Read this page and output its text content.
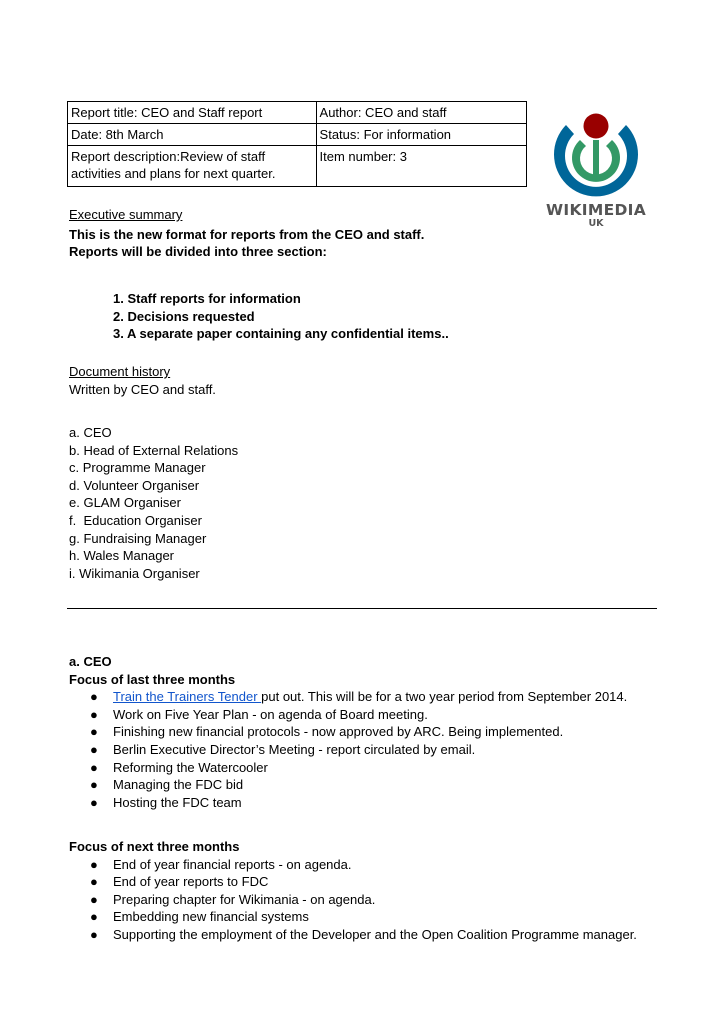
Report title: CEO and Staff report	Author: CEO and staff
Date: 8th March	Status: For information
Report description:Review of staff
activities and plans for next quarter.	Item number: 3
WIKIMEDIA
UK
Executive summary
This is the new format for reports from the CEO and staff.
Reports will be divided into three section:
1. Staff reports for information
2. Decisions requested
3. A separate paper containing any confidential items..
Document history
Written by CEO and staff.
a. CEO
b. Head of External Relations
c. Programme Manager
d. Volunteer Organiser
e. GLAM Organiser
f.  Education Organiser
g. Fundraising Manager
h. Wales Manager
i. Wikimania Organiser
a. CEO
Focus of last three months
● Train the Trainers Tender put out. This will be for a two year period from September 2014.
● Work on Five Year Plan - on agenda of Board meeting.
● Finishing new financial protocols - now approved by ARC. Being implemented.
● Berlin Executive Director’s Meeting - report circulated by email.
● Reforming the Watercooler
● Managing the FDC bid
● Hosting the FDC team
Focus of next three months
● End of year financial reports - on agenda.
● End of year reports to FDC
● Preparing chapter for Wikimania - on agenda.
● Embedding new financial systems
● Supporting the employment of the Developer and the Open Coalition Programme manager.
